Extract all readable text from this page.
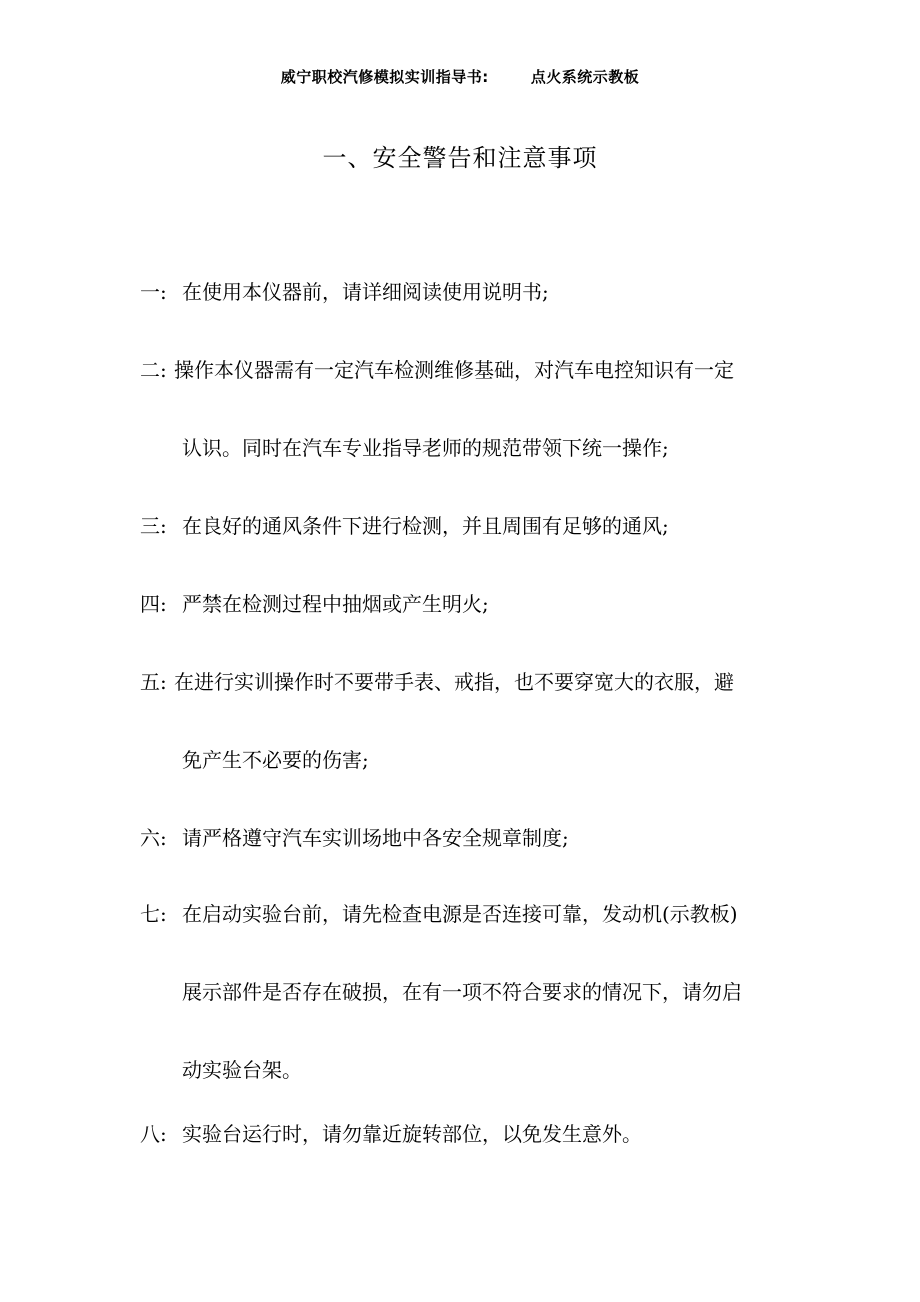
威宁职校汽修模拟实训指导书:	点火系统示教板
一、安全警告和注意事项
一: 在使用本仪器前，请详细阅读使用说明书;
二: 操作本仪器需有一定汽车检测维修基础，对汽车电控知识有一定
认识。同时在汽车专业指导老师的规范带领下统一操作;
三: 在良好的通风条件下进行检测，并且周围有足够的通风;
四: 严禁在检测过程中抽烟或产生明火;
五: 在进行实训操作时不要带手表、戒指，也不要穿宽大的衣服，避
免产生不必要的伤害;
六: 请严格遵守汽车实训场地中各安全规章制度;
七: 在启动实验台前，请先检查电源是否连接可靠，发动机(示教板)
展示部件是否存在破损，在有一项不符合要求的情况下，请勿启
动实验台架。
八: 实验台运行时，请勿靠近旋转部位，以免发生意外。
